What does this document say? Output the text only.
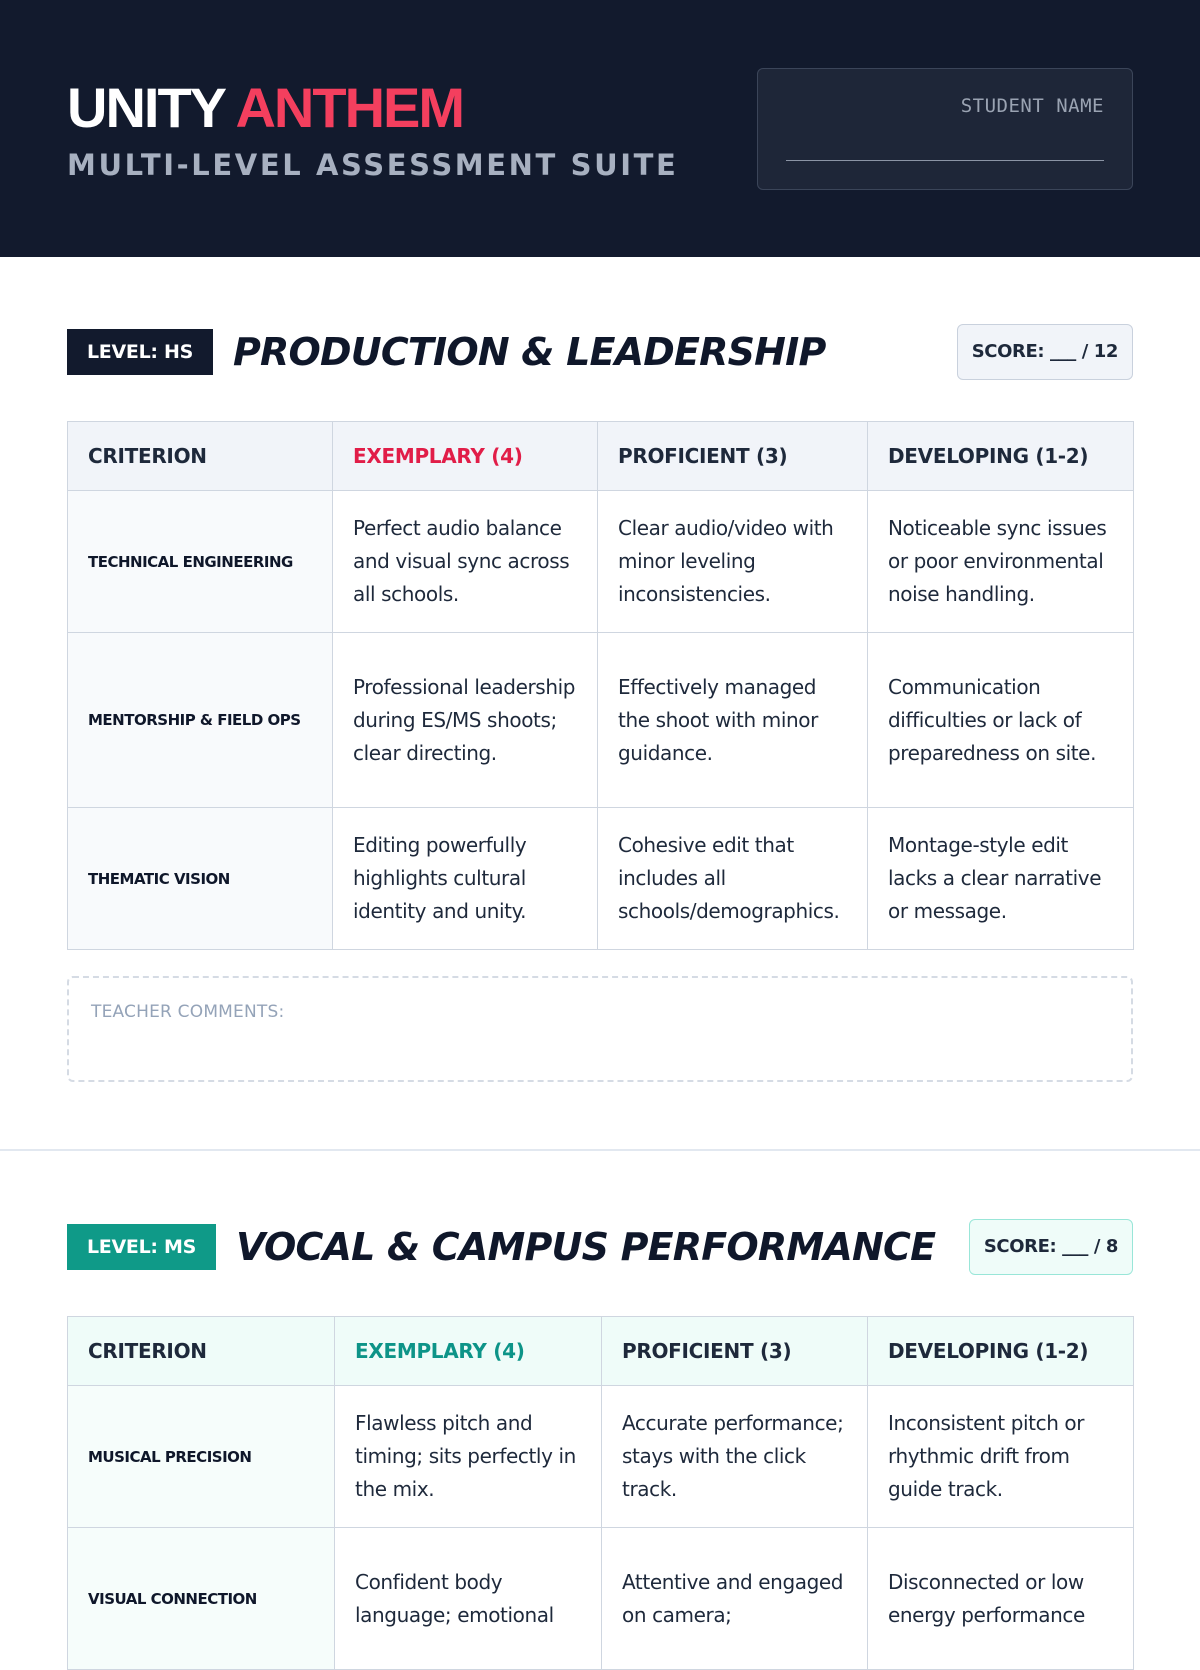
UNITY ANTHEM
MULTI-LEVEL ASSESSMENT SUITE
STUDENT NAME
LEVEL: HS	PRODUCTION & LEADERSHIP	SCORE: ___ / 12
CRITERION	EXEMPLARY (4)	PROFICIENT (3)	DEVELOPING (1-2)
TECHNICAL ENGINEERING	Perfect audio balance and visual sync across all schools.	Clear audio/video with minor leveling inconsistencies.	Noticeable sync issues or poor environmental noise handling.
MENTORSHIP & FIELD OPS	Professional leadership during ES/MS shoots; clear directing.	Effectively managed the shoot with minor guidance.	Communication difficulties or lack of preparedness on site.
THEMATIC VISION	Editing powerfully highlights cultural identity and unity.	Cohesive edit that includes all schools/demographics.	Montage-style edit lacks a clear narrative or message.
TEACHER COMMENTS:
LEVEL: MS	VOCAL & CAMPUS PERFORMANCE	SCORE: ___ / 8
CRITERION	EXEMPLARY (4)	PROFICIENT (3)	DEVELOPING (1-2)
MUSICAL PRECISION	Flawless pitch and timing; sits perfectly in the mix.	Accurate performance; stays with the click track.	Inconsistent pitch or rhythmic drift from guide track.
VISUAL CONNECTION	Confident body language; emotional	Attentive and engaged on camera;	Disconnected or low energy performance
